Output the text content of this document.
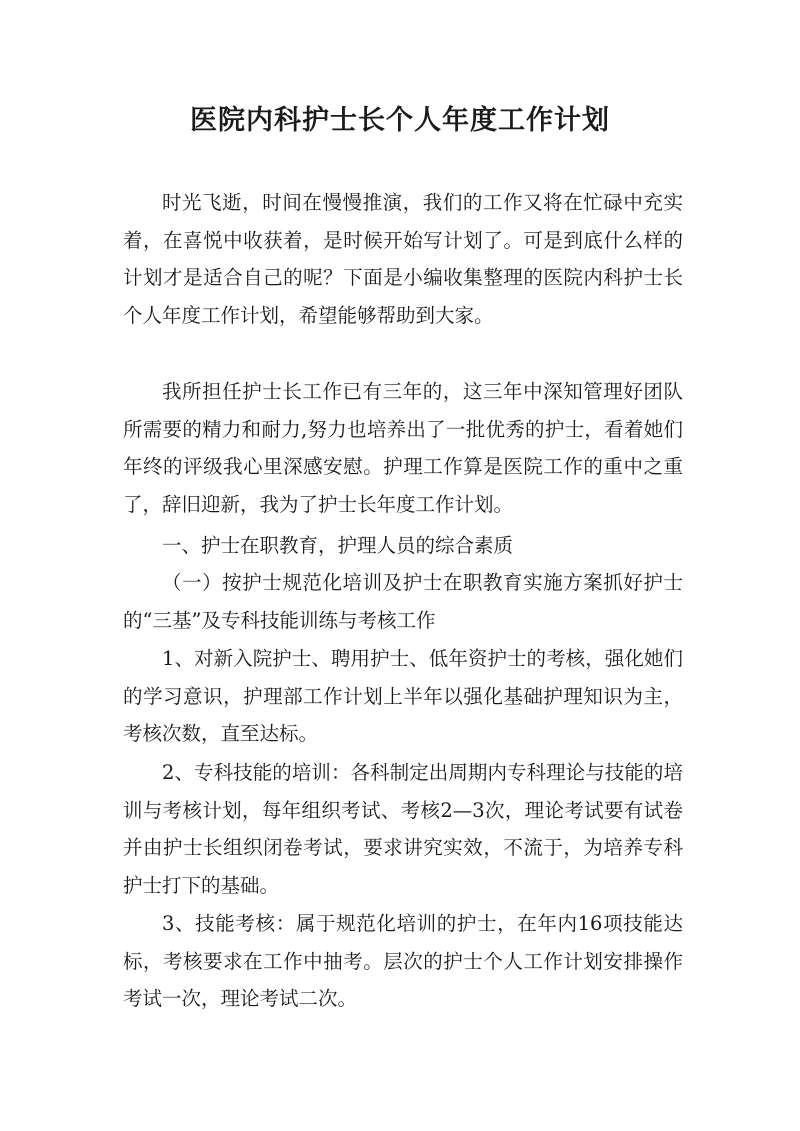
医院内科护士长个人年度工作计划

时光飞逝，时间在慢慢推演，我们的工作又将在忙碌中充实着，在喜悦中收获着，是时候开始写计划了。可是到底什么样的计划才是适合自己的呢？下面是小编收集整理的医院内科护士长个人年度工作计划，希望能够帮助到大家。

我所担任护士长工作已有三年的，这三年中深知管理好团队所需要的精力和耐力,努力也培养出了一批优秀的护士，看着她们年终的评级我心里深感安慰。护理工作算是医院工作的重中之重了，辞旧迎新，我为了护士长年度工作计划。

一、护士在职教育，护理人员的综合素质

（一）按护士规范化培训及护士在职教育实施方案抓好护士的“三基”及专科技能训练与考核工作

1、对新入院护士、聘用护士、低年资护士的考核，强化她们的学习意识，护理部工作计划上半年以强化基础护理知识为主，考核次数，直至达标。

2、专科技能的培训：各科制定出周期内专科理论与技能的培训与考核计划，每年组织考试、考核2—3次，理论考试要有试卷并由护士长组织闭卷考试，要求讲究实效，不流于，为培养专科护士打下的基础。

3、技能考核：属于规范化培训的护士，在年内16项技能达标，考核要求在工作中抽考。层次的护士个人工作计划安排操作考试一次，理论考试二次。
